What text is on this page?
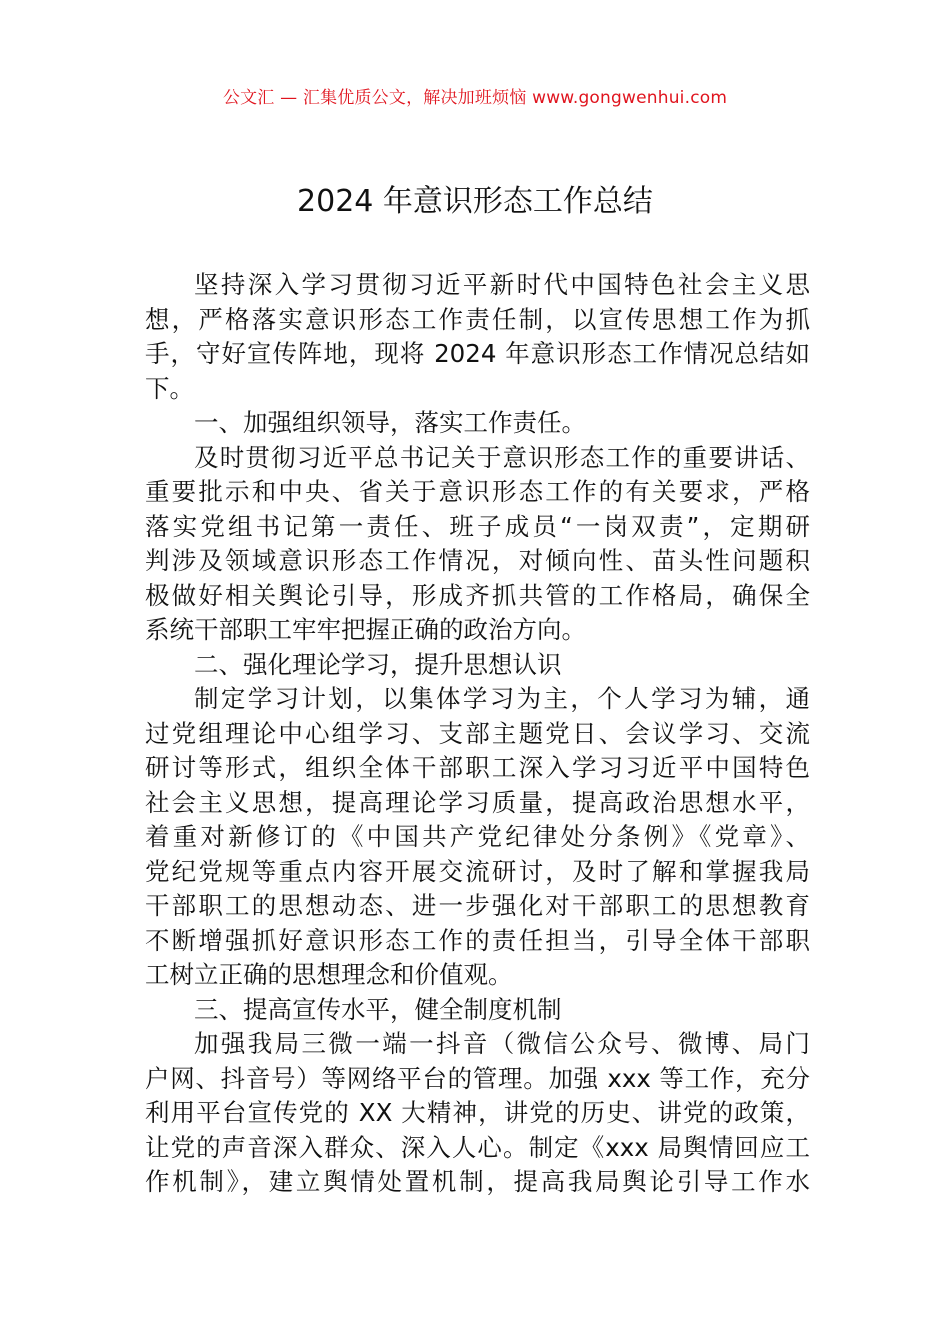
公文汇 — 汇集优质公文，解决加班烦恼 www.gongwenhui.com
2024 年意识形态工作总结
坚持深入学习贯彻习近平新时代中国特色社会主义思
想，严格落实意识形态工作责任制，以宣传思想工作为抓
手，守好宣传阵地，现将 2024 年意识形态工作情况总结如
下。
一、加强组织领导，落实工作责任。
及时贯彻习近平总书记关于意识形态工作的重要讲话、
重要批示和中央、省关于意识形态工作的有关要求，严格
落实党组书记第一责任、班子成员“一岗双责”，定期研
判涉及领域意识形态工作情况，对倾向性、苗头性问题积
极做好相关舆论引导，形成齐抓共管的工作格局，确保全
系统干部职工牢牢把握正确的政治方向。
二、强化理论学习，提升思想认识
制定学习计划，以集体学习为主，个人学习为辅，通
过党组理论中心组学习、支部主题党日、会议学习、交流
研讨等形式，组织全体干部职工深入学习习近平中国特色
社会主义思想，提高理论学习质量，提高政治思想水平，
着重对新修订的《中国共产党纪律处分条例》《党章》、
党纪党规等重点内容开展交流研讨，及时了解和掌握我局
干部职工的思想动态、进一步强化对干部职工的思想教育
不断增强抓好意识形态工作的责任担当，引导全体干部职
工树立正确的思想理念和价值观。
三、提高宣传水平，健全制度机制
加强我局三微一端一抖音（微信公众号、微博、局门
户网、抖音号）等网络平台的管理。加强 xxx 等工作，充分
利用平台宣传党的 XX 大精神，讲党的历史、讲党的政策，
让党的声音深入群众、深入人心。制定《xxx 局舆情回应工
作机制》，建立舆情处置机制，提高我局舆论引导工作水
